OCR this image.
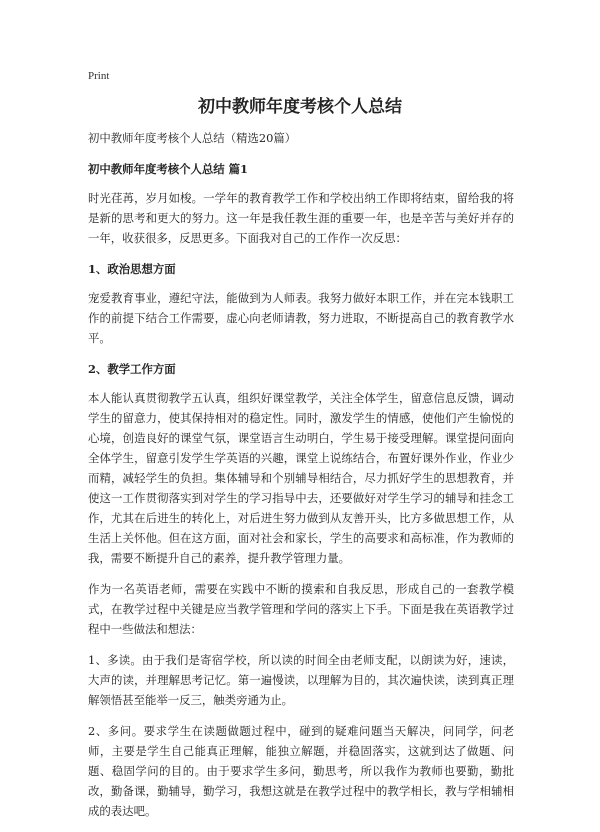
Print
初中教师年度考核个人总结

初中教师年度考核个人总结（精选20篇）

初中教师年度考核个人总结 篇1

时光荏苒，岁月如梭。一学年的教育教学工作和学校出纳工作即将结束，留给我的将是新的思考和更大的努力。这一年是我任教生涯的重要一年，也是辛苦与美好并存的一年，收获很多，反思更多。下面我对自己的工作作一次反思：

1、政治思想方面

宠爱教育事业，遵纪守法，能做到为人师表。我努力做好本职工作，并在完本钱职工作的前提下结合工作需要，虚心向老师请教，努力进取，不断提高自己的教育教学水平。

2、教学工作方面

本人能认真贯彻教学五认真，组织好课堂教学，关注全体学生，留意信息反馈，调动学生的留意力，使其保持相对的稳定性。同时，激发学生的情感，使他们产生愉悦的心境，创造良好的课堂气氛，课堂语言生动明白，学生易于接受理解。课堂提问面向全体学生，留意引发学生学英语的兴趣，课堂上说练结合，布置好课外作业，作业少而精，减轻学生的负担。集体辅导和个别辅导相结合，尽力抓好学生的思想教育，并使这一工作贯彻落实到对学生的学习指导中去，还要做好对学生学习的辅导和挂念工作，尤其在后进生的转化上，对后进生努力做到从友善开头，比方多做思想工作，从生活上关怀他。但在这方面，面对社会和家长，学生的高要求和高标准，作为教师的我，需要不断提升自己的素养，提升教学管理力量。

作为一名英语老师，需要在实践中不断的摸索和自我反思，形成自己的一套教学模式，在教学过程中关键是应当教学管理和学问的落实上下手。下面是我在英语教学过程中一些做法和想法：

1、多读。由于我们是寄宿学校，所以读的时间全由老师支配，以朗读为好，速读，大声的读，并理解思考记忆。第一遍慢读，以理解为目的，其次遍快读，读到真正理解领悟甚至能举一反三，触类旁通为止。

2、多问。要求学生在读题做题过程中，碰到的疑难问题当天解决，问同学，问老师，主要是学生自己能真正理解，能独立解题，并稳固落实，这就到达了做题、问题、稳固学问的目的。由于要求学生多问，勤思考，所以我作为教师也要勤，勤批改，勤备课，勤辅导，勤学习，我想这就是在教学过程中的教学相长，教与学相辅相成的表达吧。
